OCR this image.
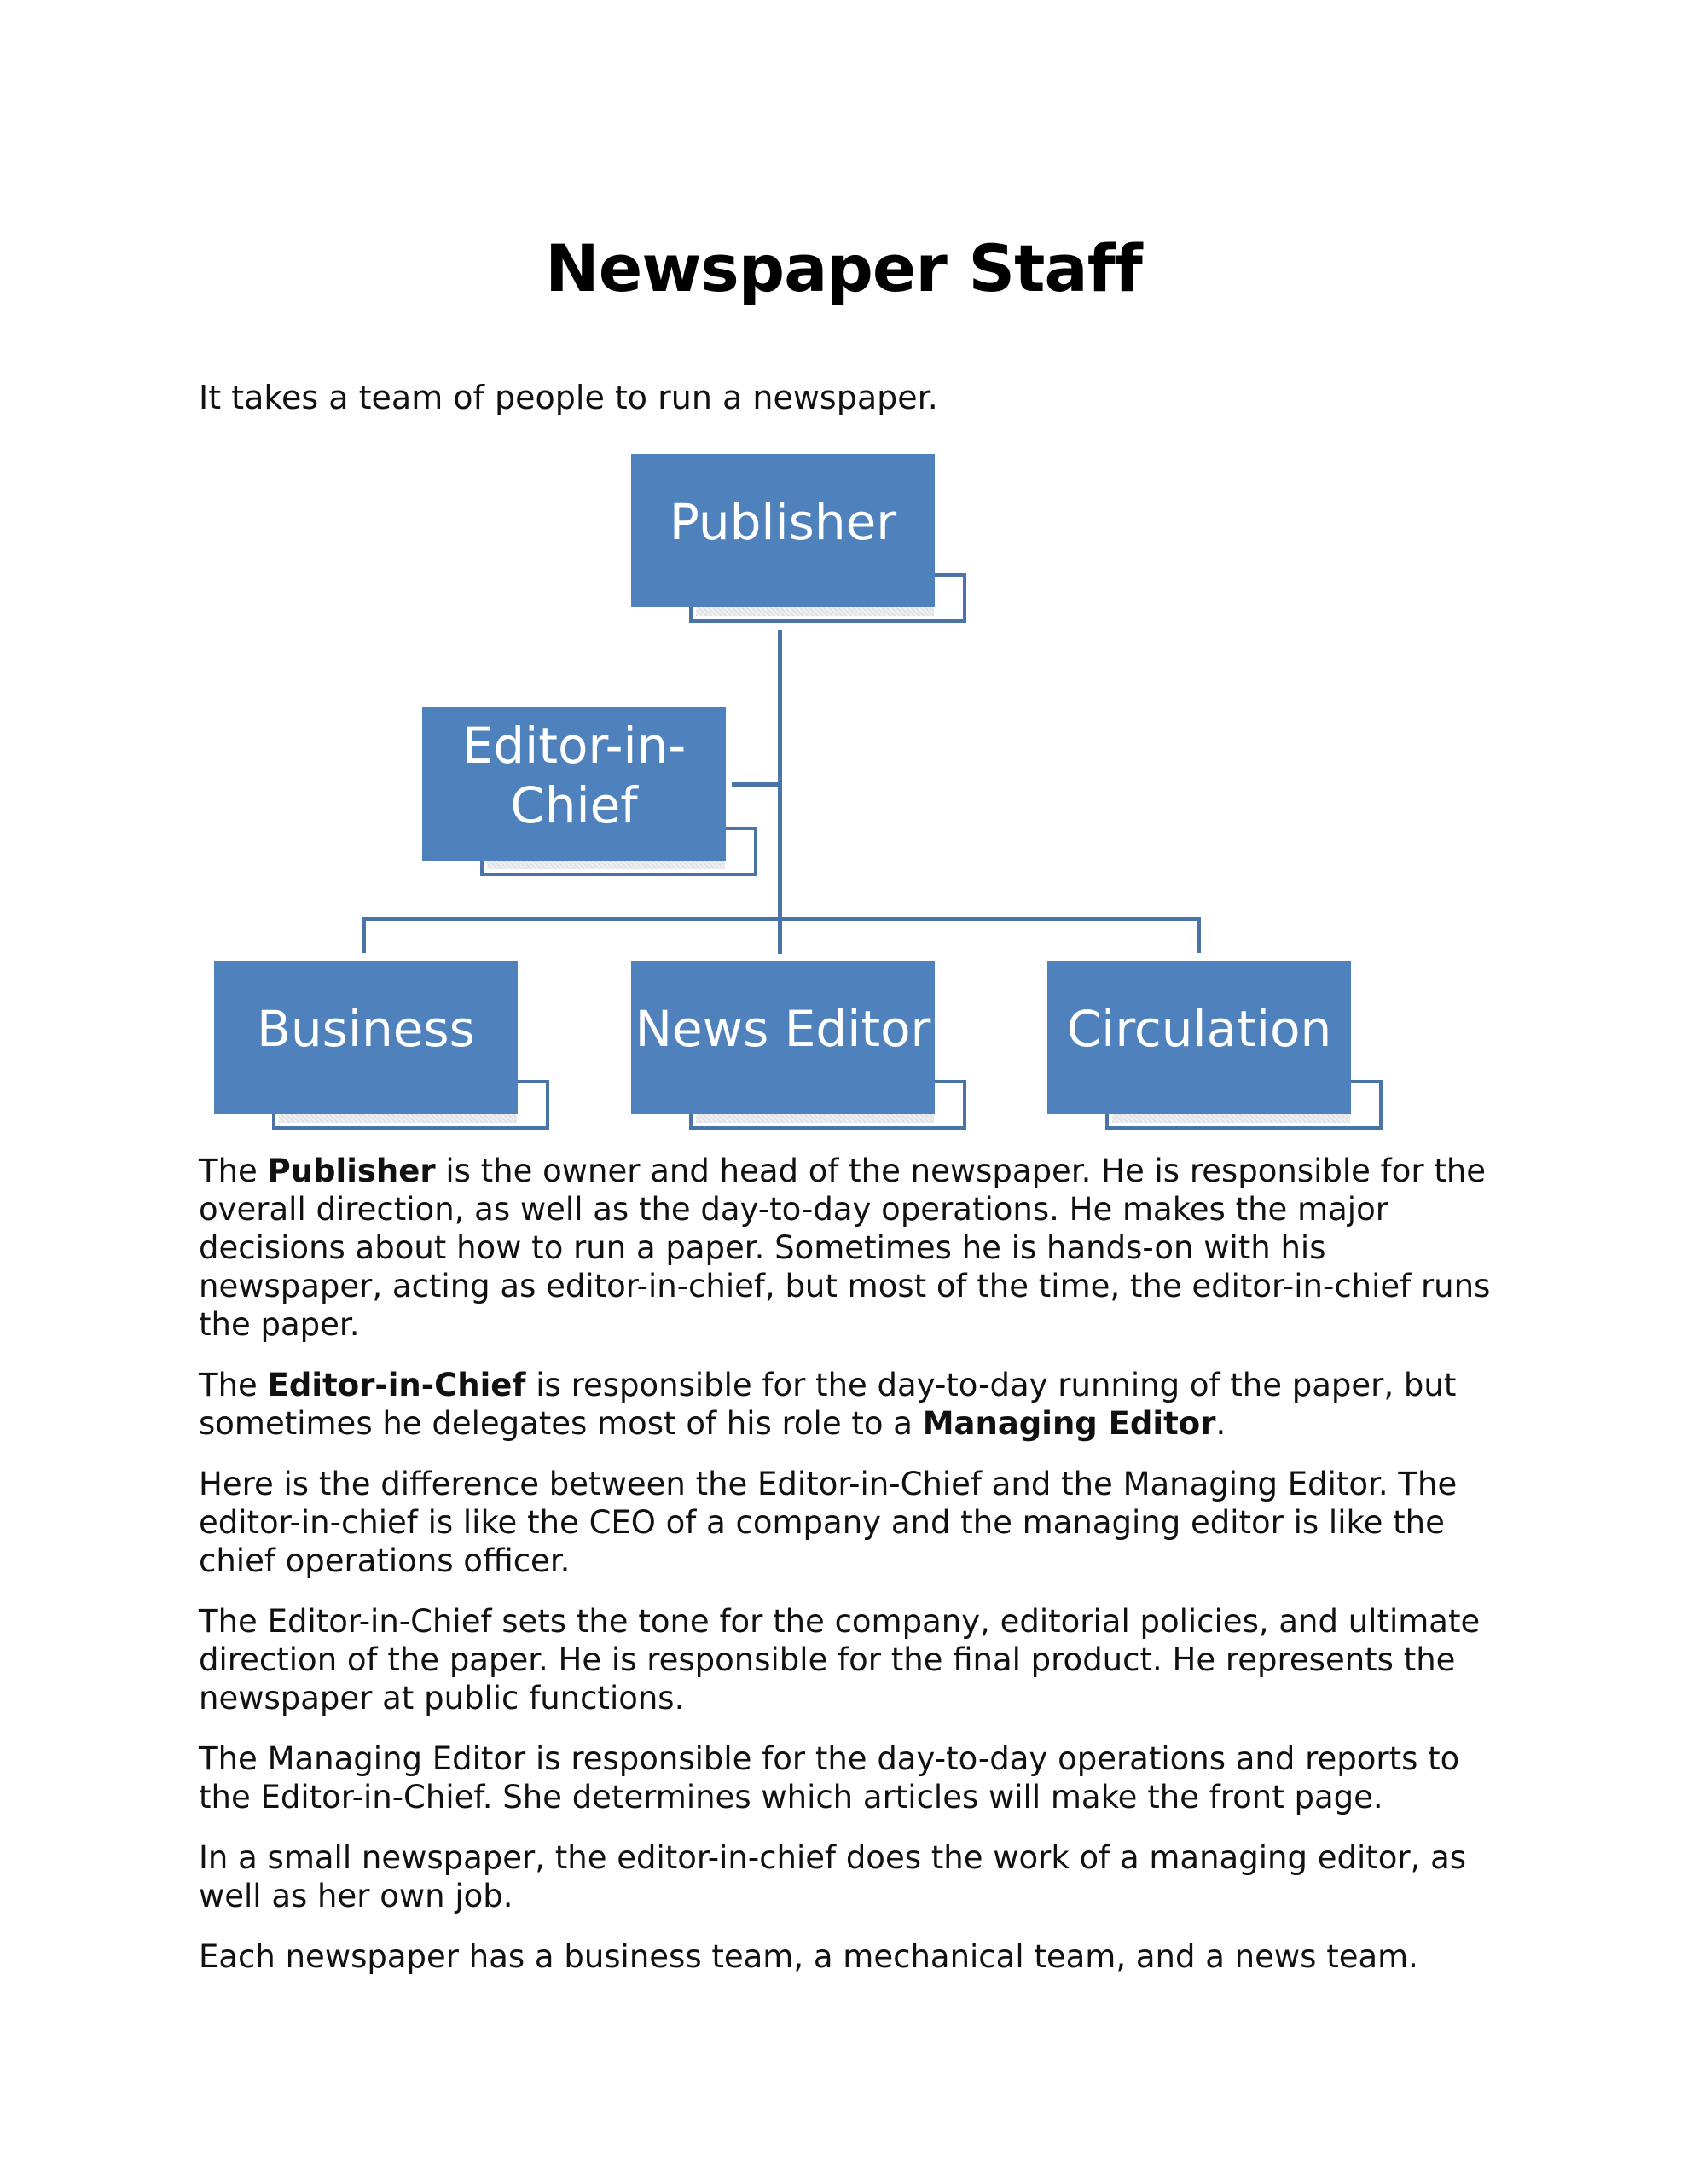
Newspaper Staff
It takes a team of people to run a newspaper.
Publisher
Editor-in-Chief
Business	News Editor	Circulation

The Publisher is the owner and head of the newspaper. He is responsible for the overall direction, as well as the day-to-day operations. He makes the major decisions about how to run a paper. Sometimes he is hands-on with his newspaper, acting as editor-in-chief, but most of the time, the editor-in-chief runs the paper.

The Editor-in-Chief is responsible for the day-to-day running of the paper, but sometimes he delegates most of his role to a Managing Editor.

Here is the difference between the Editor-in-Chief and the Managing Editor. The editor-in-chief is like the CEO of a company and the managing editor is like the chief operations officer.

The Editor-in-Chief sets the tone for the company, editorial policies, and ultimate direction of the paper. He is responsible for the final product. He represents the newspaper at public functions.

The Managing Editor is responsible for the day-to-day operations and reports to the Editor-in-Chief. She determines which articles will make the front page.

In a small newspaper, the editor-in-chief does the work of a managing editor, as well as her own job.

Each newspaper has a business team, a mechanical team, and a news team.
